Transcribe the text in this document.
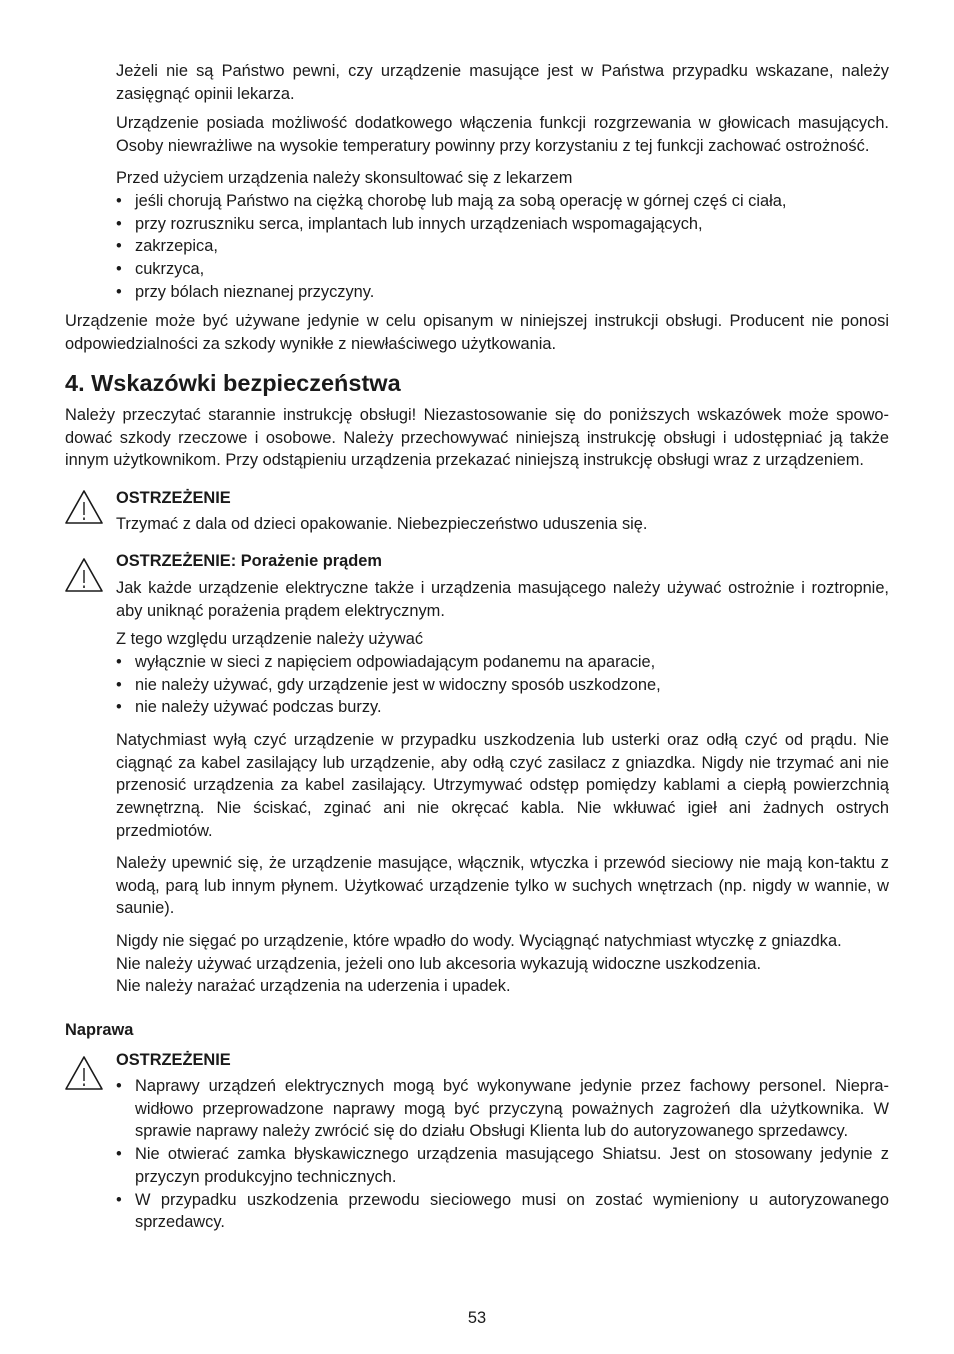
Jeżeli nie są Państwo pewni, czy urządzenie masujące jest w Państwa przypadku wskazane, należy zasięgnąć opinii lekarza.

Urządzenie posiada możliwość dodatkowego włączenia funkcji rozgrzewania w głowicach masujących. Osoby niewrażliwe na wysokie temperatury powinny przy korzystaniu z tej funkcji zachować ostrożność.

Przed użyciem urządzenia należy skonsultować się z lekarzem

• jeśli chorują Państwo na ciężką chorobę lub mają za sobą operację w górnej częś ci ciała,
• przy rozruszniku serca, implantach lub innych urządzeniach wspomagających,
• zakrzepica,
• cukrzyca,
• przy bólach nieznanej przyczyny.

Urządzenie może być używane jedynie w celu opisanym w niniejszej instrukcji obsługi. Producent nie ponosi odpowiedzialności za szkody wynikłe z niewłaściwego użytkowania.

4. Wskazówki bezpieczeństwa

Należy przeczytać starannie instrukcję obsługi! Niezastosowanie się do poniższych wskazówek może spowo-dować szkody rzeczowe i osobowe. Należy przechowywać niniejszą instrukcję obsługi i udostępniać ją także innym użytkownikom. Przy odstąpieniu urządzenia przekazać niniejszą instrukcję obsługi wraz z urządzeniem.

OSTRZEŻENIE

Trzymać z dala od dzieci opakowanie. Niebezpieczeństwo uduszenia się.

OSTRZEŻENIE: Porażenie prądem

Jak każde urządzenie elektryczne także i urządzenia masującego należy używać ostrożnie i roztropnie, aby uniknąć porażenia prądem elektrycznym.

Z tego względu urządzenie należy używać

• wyłącznie w sieci z napięciem odpowiadającym podanemu na aparacie,
• nie należy używać, gdy urządzenie jest w widoczny sposób uszkodzone,
• nie należy używać podczas burzy.

Natychmiast wyłą czyć urządzenie w przypadku uszkodzenia lub usterki oraz odłą czyć od prądu. Nie ciągnąć za kabel zasilający lub urządzenie, aby odłą czyć zasilacz z gniazdka. Nigdy nie trzymać ani nie przenosić urządzenia za kabel zasilający. Utrzymywać odstęp pomiędzy kablami a ciepłą powierzchnią zewnętrzną. Nie ściskać, zginać ani nie okręcać kabla. Nie wkłuwać igieł ani żadnych ostrych przedmiotów.

Należy upewnić się, że urządzenie masujące, włącznik, wtyczka i przewód sieciowy nie mają kon-taktu z wodą, parą lub innym płynem. Użytkować urządzenie tylko w suchych wnętrzach (np. nigdy w wannie, w saunie).

Nigdy nie sięgać po urządzenie, które wpadło do wody. Wyciągnąć natychmiast wtyczkę z gniazdka.
Nie należy używać urządzenia, jeżeli ono lub akcesoria wykazują widoczne uszkodzenia.
Nie należy narażać urządzenia na uderzenia i upadek.
Naprawa

OSTRZEŻENIE

• Naprawy urządzeń elektrycznych mogą być wykonywane jedynie przez fachowy personel. Niepra-widłowo przeprowadzone naprawy mogą być przyczyną poważnych zagrożeń dla użytkownika. W sprawie naprawy należy zwrócić się do działu Obsługi Klienta lub do autoryzowanego sprzedawcy.
• Nie otwierać zamka błyskawicznego urządzenia masującego Shiatsu. Jest on stosowany jedynie z przyczyn produkcyjno technicznych.
• W przypadku uszkodzenia przewodu sieciowego musi on zostać wymieniony u autoryzowanego sprzedawcy.
53
